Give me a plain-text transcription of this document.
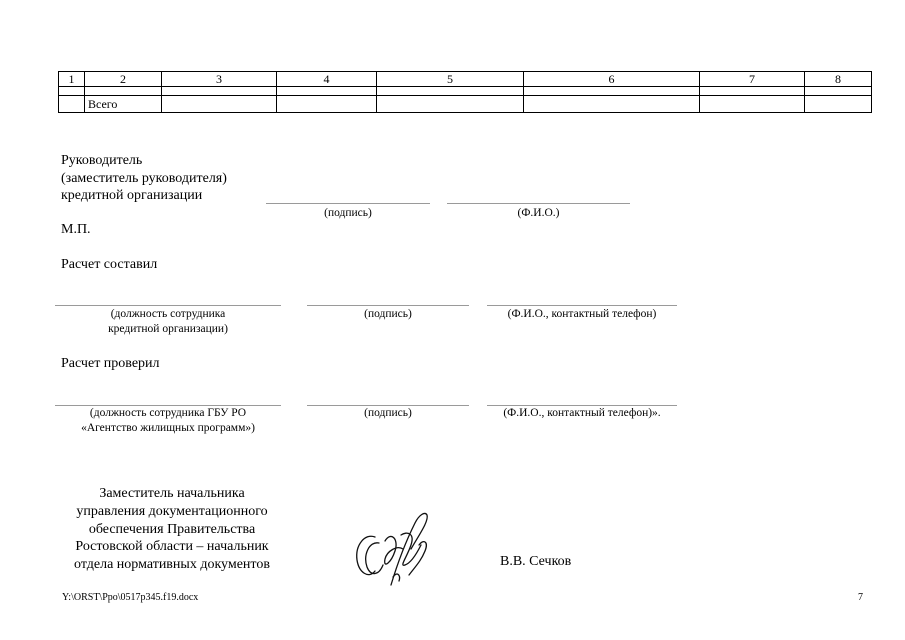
1	2	3	4	5	6	7	8

	Всего						
Руководитель
(заместитель руководителя)
кредитной организации
(подпись)	(Ф.И.О.)
М.П.
Расчет составил
(должность сотрудника
кредитной организации)
(подпись)	(Ф.И.О., контактный телефон)
Расчет проверил
(должность сотрудника ГБУ РО
«Агентство жилищных программ»)
(подпись)	(Ф.И.О., контактный телефон)».
Заместитель начальника
управления документационного
обеспечения Правительства
Ростовской области – начальник
отдела нормативных документов	В.В. Сечков
Y:\ORST\Ppo\0517p345.f19.docx	7
